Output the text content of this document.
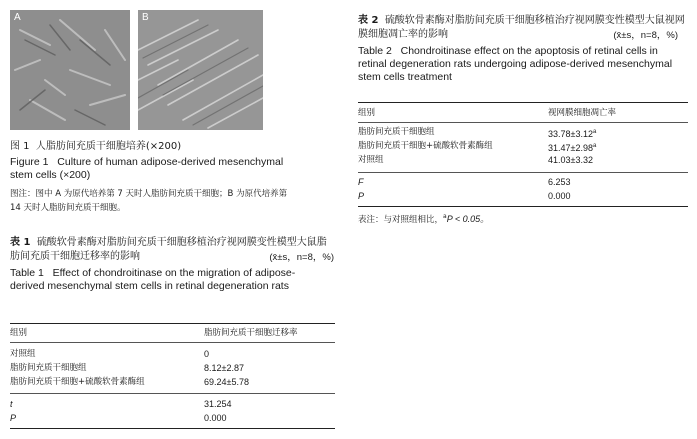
A	B
图 1 人脂肪间充质干细胞培养(×200)
Figure 1 Culture of human adipose-derived mesenchymal stem cells (×200)
图注：图中 A 为原代培养第 7 天时人脂肪间充质干细胞；B 为原代培养第 14 天时人脂肪间充质干细胞。
表 1 硫酸软骨素酶对脂肪间充质干细胞移植治疗视网膜变性模型大鼠脂肪间充质干细胞迁移率的影响	(x̄±s，n=8，%)
Table 1 Effect of chondroitinase on the migration of adipose-derived mesenchymal stem cells in retinal degeneration rats
组别	脂肪间充质干细胞迁移率
对照组	0
脂肪间充质干细胞组	8.12±2.87
脂肪间充质干细胞+硫酸软骨素酶组	69.24±5.78
t	31.254
P	0.000
表 2 硫酸软骨素酶对脂肪间充质干细胞移植治疗视网膜变性模型大鼠视网膜细胞凋亡率的影响	(x̄±s，n=8，%)
Table 2 Chondroitinase effect on the apoptosis of retinal cells in retinal degeneration rats undergoing adipose-derived mesenchymal stem cells treatment
组别	视网膜细胞凋亡率
脂肪间充质干细胞组	33.78±3.12$^a$
脂肪间充质干细胞+硫酸软骨素酶组	31.47±2.98$^a$
对照组	41.03±3.32
F	6.253
P	0.000
表注：与对照组相比，$^a$P < 0.05。
